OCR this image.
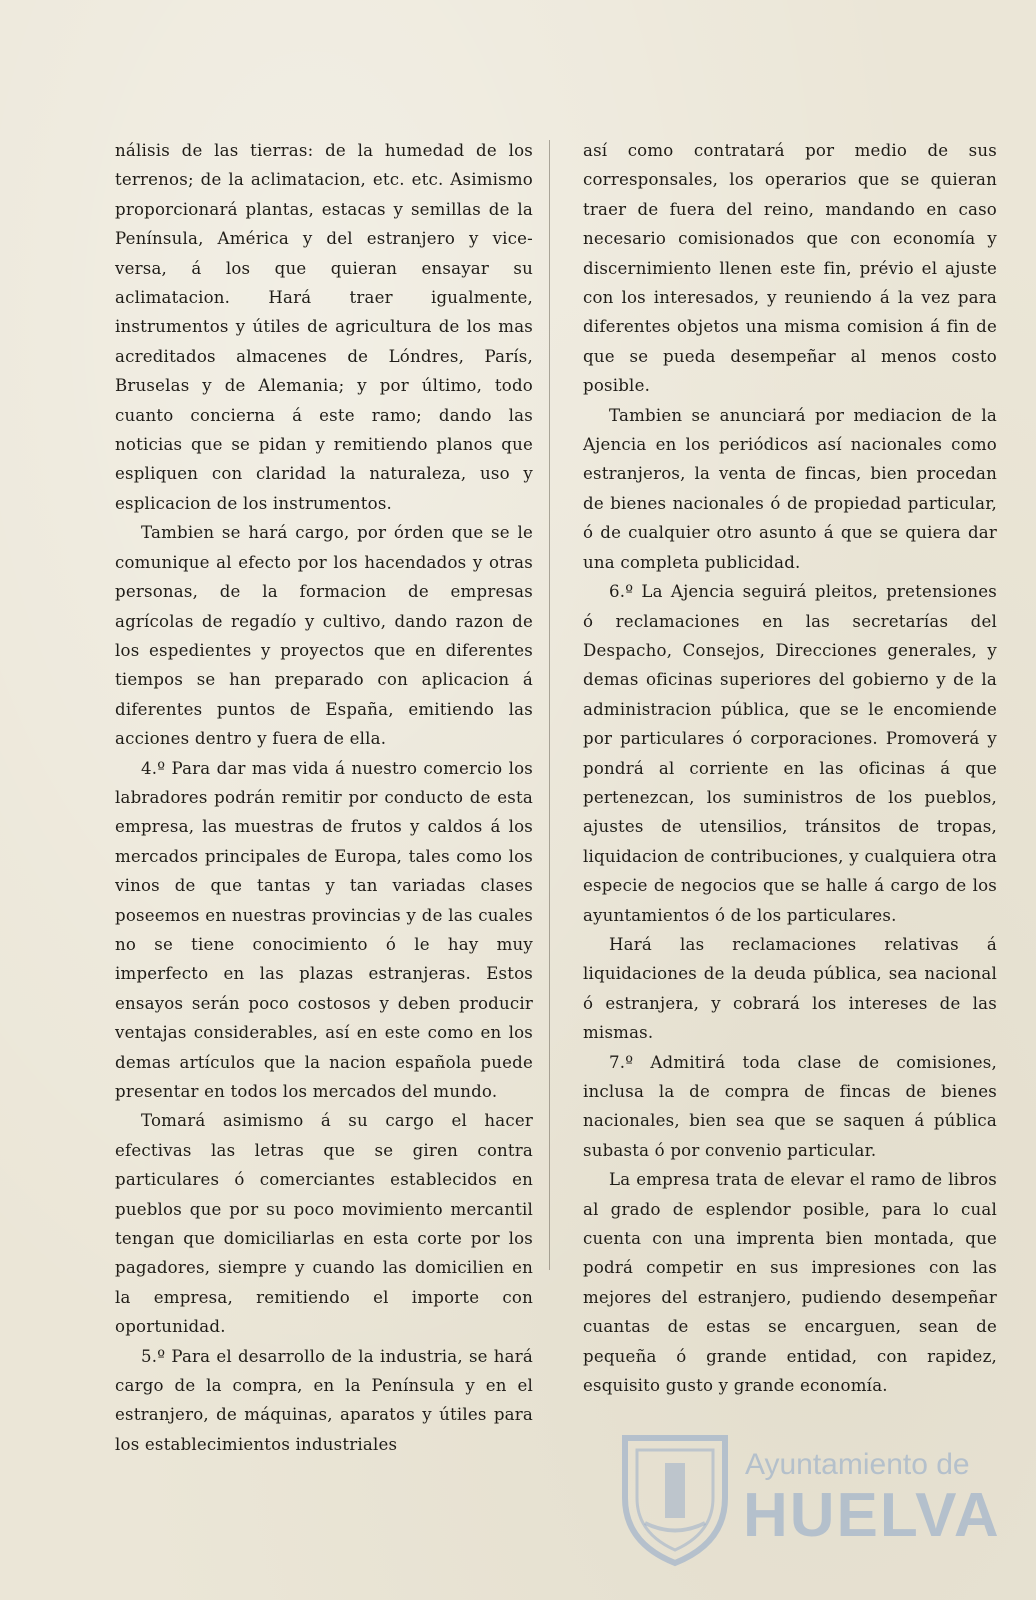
nálisis de las tierras: de la humedad de los terrenos; de la aclimatacion, etc. etc. Asimismo proporcionará plantas, estacas y semillas de la Península, América y del estranjero y vice-versa, á los que quieran ensayar su aclimatacion. Hará traer igualmente, instrumentos y útiles de agricultura de los mas acreditados almacenes de Lóndres, París, Bruselas y de Alemania; y por último, todo cuanto concierna á este ramo; dando las noticias que se pidan y remitiendo planos que espliquen con claridad la naturaleza, uso y esplicacion de los instrumentos.

Tambien se hará cargo, por órden que se le comunique al efecto por los hacendados y otras personas, de la formacion de empresas agrícolas de regadío y cultivo, dando razon de los espedientes y proyectos que en diferentes tiempos se han preparado con aplicacion á diferentes puntos de España, emitiendo las acciones dentro y fuera de ella.

4.º Para dar mas vida á nuestro comercio los labradores podrán remitir por conducto de esta empresa, las muestras de frutos y caldos á los mercados principales de Europa, tales como los vinos de que tantas y tan variadas clases poseemos en nuestras provincias y de las cuales no se tiene conocimiento ó le hay muy imperfecto en las plazas estranjeras. Estos ensayos serán poco costosos y deben producir ventajas considerables, así en este como en los demas artículos que la nacion española puede presentar en todos los mercados del mundo.

Tomará asimismo á su cargo el hacer efectivas las letras que se giren contra particulares ó comerciantes establecidos en pueblos que por su poco movimiento mercantil tengan que domiciliarlas en esta corte por los pagadores, siempre y cuando las domicilien en la empresa, remitiendo el importe con oportunidad.

5.º Para el desarrollo de la industria, se hará cargo de la compra, en la Península y en el estranjero, de máquinas, aparatos y útiles para los establecimientos industriales

así como contratará por medio de sus corresponsales, los operarios que se quieran traer de fuera del reino, mandando en caso necesario comisionados que con economía y discernimiento llenen este fin, prévio el ajuste con los interesados, y reuniendo á la vez para diferentes objetos una misma comision á fin de que se pueda desempeñar al menos costo posible.

Tambien se anunciará por mediacion de la Ajencia en los periódicos así nacionales como estranjeros, la venta de fincas, bien procedan de bienes nacionales ó de propiedad particular, ó de cualquier otro asunto á que se quiera dar una completa publicidad.

6.º La Ajencia seguirá pleitos, pretensiones ó reclamaciones en las secretarías del Despacho, Consejos, Direcciones generales, y demas oficinas superiores del gobierno y de la administracion pública, que se le encomiende por particulares ó corporaciones. Promoverá y pondrá al corriente en las oficinas á que pertenezcan, los suministros de los pueblos, ajustes de utensilios, tránsitos de tropas, liquidacion de contribuciones, y cualquiera otra especie de negocios que se halle á cargo de los ayuntamientos ó de los particulares.

Hará las reclamaciones relativas á liquidaciones de la deuda pública, sea nacional ó estranjera, y cobrará los intereses de las mismas.

7.º Admitirá toda clase de comisiones, inclusa la de compra de fincas de bienes nacionales, bien sea que se saquen á pública subasta ó por convenio particular.

La empresa trata de elevar el ramo de libros al grado de esplendor posible, para lo cual cuenta con una imprenta bien montada, que podrá competir en sus impresiones con las mejores del estranjero, pudiendo desempeñar cuantas de estas se encarguen, sean de pequeña ó grande entidad, con rapidez, esquisito gusto y grande economía.

Ayuntamiento de
HUELVA
